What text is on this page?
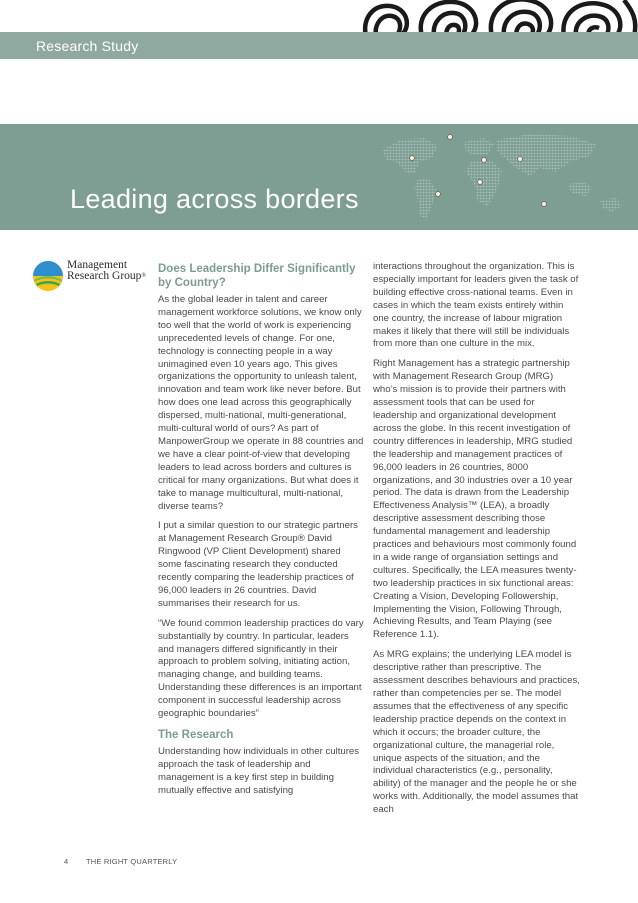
Research Study
Leading across borders
Management
Research Group®
Does Leadership Differ Significantly by Country?

As the global leader in talent and career management workforce solutions, we know only too well that the world of work is experiencing unprecedented levels of change. For one, technology is connecting people in a way unimagined even 10 years ago. This gives organizations the opportunity to unleash talent, innovation and team work like never before. But how does one lead across this geographically dispersed, multi-national, multi-generational, multi-cultural world of ours? As part of ManpowerGroup we operate in 88 countries and we have a clear point-of-view that developing leaders to lead across borders and cultures is critical for many organizations. But what does it take to manage multicultural, multi-national, diverse teams?

I put a similar question to our strategic partners at Management Research Group® David Ringwood (VP Client Development) shared some fascinating research they conducted recently comparing the leadership practices of 96,000 leaders in 26 countries. David summarises their research for us.

“We found common leadership practices do vary substantially by country. In particular, leaders and managers differed significantly in their approach to problem solving, initiating action, managing change, and building teams. Understanding these differences is an important component in successful leadership across geographic boundaries”

The Research

Understanding how individuals in other cultures approach the task of leadership and management is a key first step in building mutually effective and satisfying

interactions throughout the organization. This is especially important for leaders given the task of building effective cross-national teams. Even in cases in which the team exists entirely within one country, the increase of labour migration makes it likely that there will still be individuals from more than one culture in the mix.

Right Management has a strategic partnership with Management Research Group (MRG) who’s mission is to provide their partners with assessment tools that can be used for leadership and organizational development across the globe. In this recent investigation of country differences in leadership, MRG studied the leadership and management practices of 96,000 leaders in 26 countries, 8000 organizations, and 30 industries over a 10 year period. The data is drawn from the Leadership Effectiveness Analysis™ (LEA), a broadly descriptive assessment describing those fundamental management and leadership practices and behaviours most commonly found in a wide range of organsiation settings and cultures. Specifically, the LEA measures twenty-two leadership practices in six functional areas: Creating a Vision, Developing Followership, Implementing the Vision, Following Through, Achieving Results, and Team Playing (see Reference 1.1).

As MRG explains; the underlying LEA model is descriptive rather than prescriptive. The assessment describes behaviours and practices, rather than competencies per se. The model assumes that the effectiveness of any specific leadership practice depends on the context in which it occurs; the broader culture, the organizational culture, the managerial role, unique aspects of the situation, and the individual characteristics (e.g., personality, ability) of the manager and the people he or she works with. Additionally, the model assumes that each

4 THE RIGHT QUARTERLY
